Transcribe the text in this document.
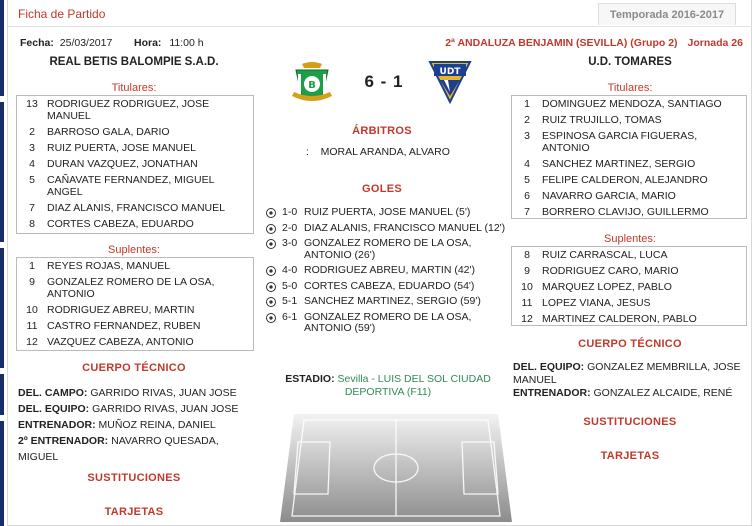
Ficha de Partido	Temporada 2016-2017
Fecha: 25/03/2017 Hora: 11:00 h	2ª ANDALUZA BENJAMIN (SEVILLA) (Grupo 2) Jornada 26
REAL BETIS BALOMPIE S.A.D.	U.D. TOMARES
B	6 - 1	UDT
Titulares:
13 RODRIGUEZ RODRIGUEZ, JOSE MANUEL
2	BARROSO GALA, DARIO
3	RUIZ PUERTA, JOSE MANUEL
4	DURAN VAZQUEZ, JONATHAN
5	CAÑAVATE FERNANDEZ, MIGUEL ANGEL
7	DIAZ ALANIS, FRANCISCO MANUEL
8	CORTES CABEZA, EDUARDO
Suplentes:
1	REYES ROJAS, MANUEL
9	GONZALEZ ROMERO DE LA OSA, ANTONIO
10 RODRIGUEZ ABREU, MARTIN
11 CASTRO FERNANDEZ, RUBEN
12 VAZQUEZ CABEZA, ANTONIO
CUERPO TÉCNICO
DEL. CAMPO: GARRIDO RIVAS, JUAN JOSE
DEL. EQUIPO: GARRIDO RIVAS, JUAN JOSE
ENTRENADOR: MUÑOZ REINA, DANIEL
2º ENTRENADOR: NAVARRO QUESADA, MIGUEL
SUSTITUCIONES
TARJETAS
Titulares:
1	DOMINGUEZ MENDOZA, SANTIAGO
2	RUIZ TRUJILLO, TOMAS
3	ESPINOSA GARCIA FIGUERAS, ANTONIO
4	SANCHEZ MARTINEZ, SERGIO
5	FELIPE CALDERON, ALEJANDRO
6	NAVARRO GARCIA, MARIO
7	BORRERO CLAVIJO, GUILLERMO
Suplentes:
8	RUIZ CARRASCAL, LUCA
9	RODRIGUEZ CARO, MARIO
10 MARQUEZ LOPEZ, PABLO
11 LOPEZ VIANA, JESUS
12 MARTINEZ CALDERON, PABLO
CUERPO TÉCNICO
DEL. EQUIPO: GONZALEZ MEMBRILLA, JOSE MANUEL
ENTRENADOR: GONZALEZ ALCAIDE, RENÉ
SUSTITUCIONES
TARJETAS
ÁRBITROS
:    MORAL ARANDA, ALVARO
GOLES
1-0 RUIZ PUERTA, JOSE MANUEL (5')
2-0 DIAZ ALANIS, FRANCISCO MANUEL (12')
3-0 GONZALEZ ROMERO DE LA OSA, ANTONIO (26')
4-0 RODRIGUEZ ABREU, MARTIN (42')
5-0 CORTES CABEZA, EDUARDO (54')
5-1 SANCHEZ MARTINEZ, SERGIO (59')
6-1 GONZALEZ ROMERO DE LA OSA, ANTONIO (59')
ESTADIO: Sevilla - LUIS DEL SOL CIUDAD DEPORTIVA (F11)
